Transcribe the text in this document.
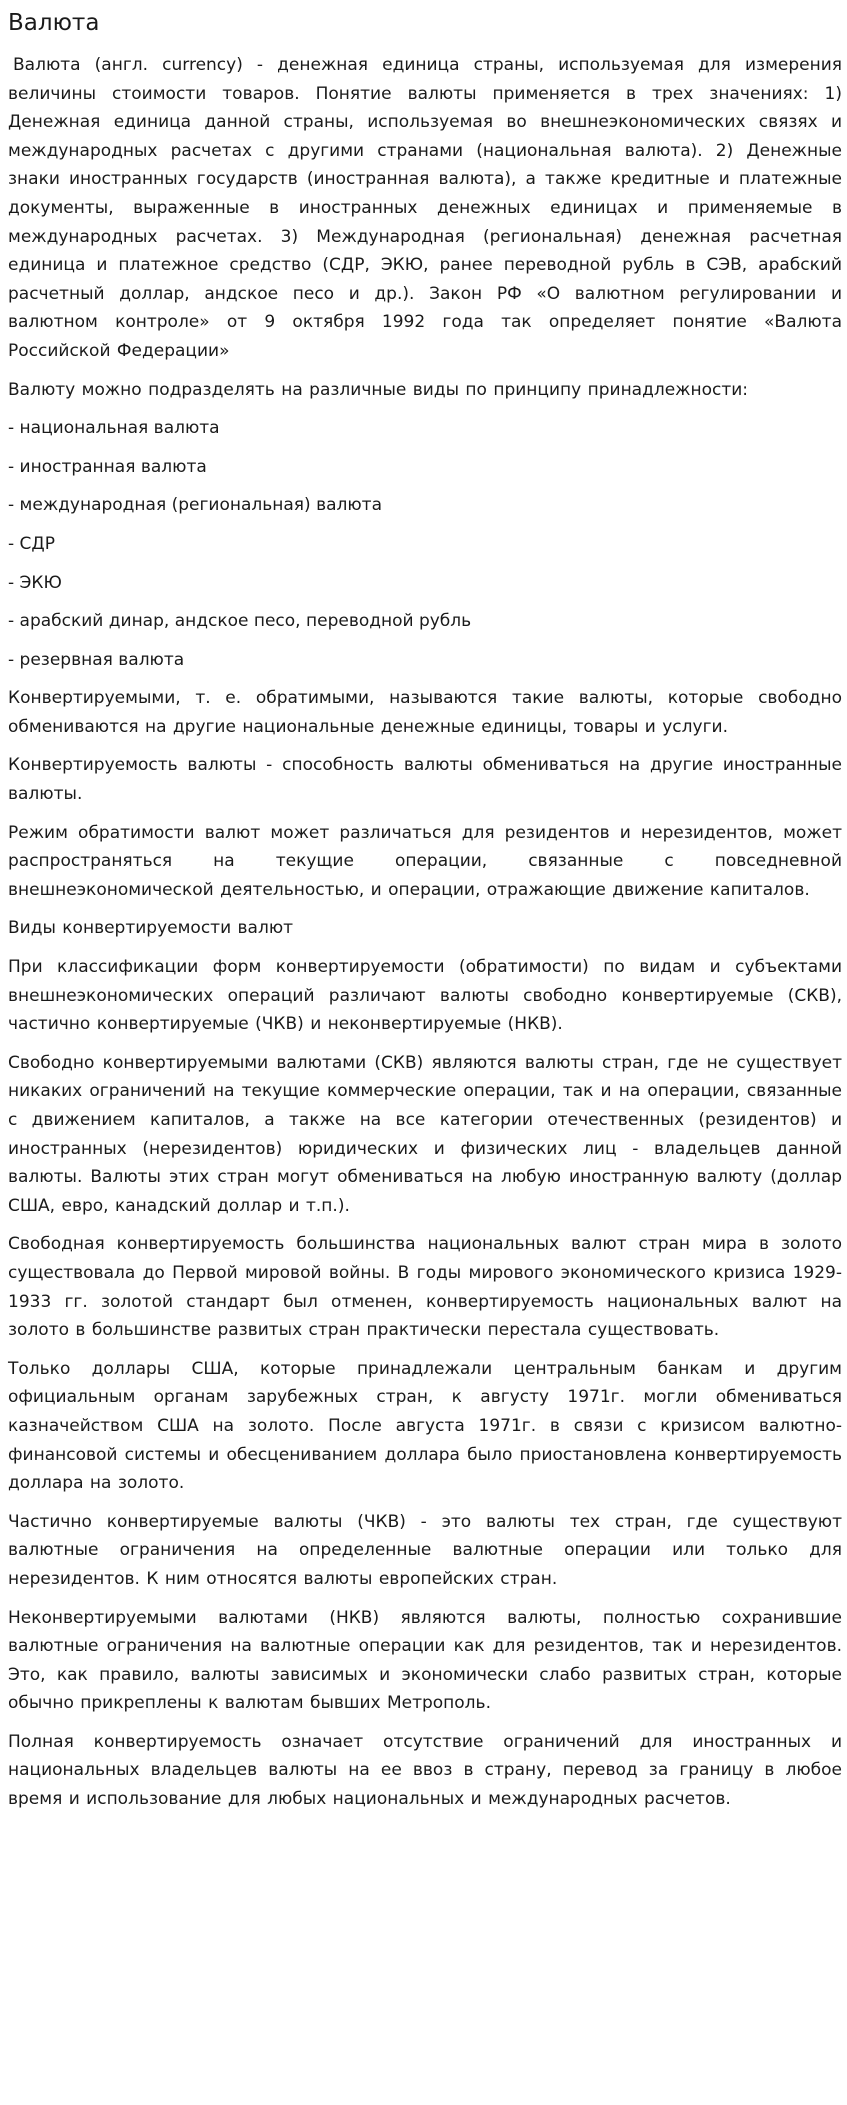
Валюта

Валюта (англ. currency) - денежная единица страны, используемая для измерения величины стоимости товаров. Понятие валюты применяется в трех значениях: 1) Денежная единица данной страны, используемая во внешнеэкономических связях и международных расчетах с другими странами (национальная валюта). 2) Денежные знаки иностранных государств (иностранная валюта), а также кредитные и платежные документы, выраженные в иностранных денежных единицах и применяемые в международных расчетах. 3) Международная (региональная) денежная расчетная единица и платежное средство (СДР, ЭКЮ, ранее переводной рубль в СЭВ, арабский расчетный доллар, андское песо и др.). Закон РФ «О валютном регулировании и валютном контроле» от 9 октября 1992 года так определяет понятие «Валюта Российской Федерации»

Валюту можно подразделять на различные виды по принципу принадлежности:

- национальная валюта

- иностранная валюта

- международная (региональная) валюта

- СДР

- ЭКЮ

- арабский динар, андское песо, переводной рубль

- резервная валюта

Конвертируемыми, т. е. обратимыми, называются такие валюты, которые свободно обмениваются на другие национальные денежные единицы, товары и услуги.

Конвертируемость валюты - способность валюты обмениваться на другие иностранные валюты.

Режим обратимости валют может различаться для резидентов и нерезидентов, может распространяться на текущие операции, связанные с повседневной внешнеэкономической деятельностью, и операции, отражающие движение капиталов.

Виды конвертируемости валют

При классификации форм конвертируемости (обратимости) по видам и субъектами внешнеэкономических операций различают валюты свободно конвертируемые (СКВ), частично конвертируемые (ЧКВ) и неконвертируемые (НКВ).

Свободно конвертируемыми валютами (СКВ) являются валюты стран, где не существует никаких ограничений на текущие коммерческие операции, так и на операции, связанные с движением капиталов, а также на все категории отечественных (резидентов) и иностранных (нерезидентов) юридических и физических лиц - владельцев данной валюты. Валюты этих стран могут обмениваться на любую иностранную валюту (доллар США, евро, канадский доллар и т.п.).

Свободная конвертируемость большинства национальных валют стран мира в золото существовала до Первой мировой войны. В годы мирового экономического кризиса 1929-1933 гг. золотой стандарт был отменен, конвертируемость национальных валют на золото в большинстве развитых стран практически перестала существовать.

Только доллары США, которые принадлежали центральным банкам и другим официальным органам зарубежных стран, к августу 1971г. могли обмениваться казначейством США на золото. После августа 1971г. в связи с кризисом валютно-финансовой системы и обесцениванием доллара было приостановлена конвертируемость доллара на золото.

Частично конвертируемые валюты (ЧКВ) - это валюты тех стран, где существуют валютные ограничения на определенные валютные операции или только для нерезидентов. К ним относятся валюты европейских стран.

Неконвертируемыми валютами (НКВ) являются валюты, полностью сохранившие валютные ограничения на валютные операции как для резидентов, так и нерезидентов. Это, как правило, валюты зависимых и экономически слабо развитых стран, которые обычно прикреплены к валютам бывших Метрополь.

Полная конвертируемость означает отсутствие ограничений для иностранных и национальных владельцев валюты на ее ввоз в страну, перевод за границу в любое время и использование для любых национальных и международных расчетов.
